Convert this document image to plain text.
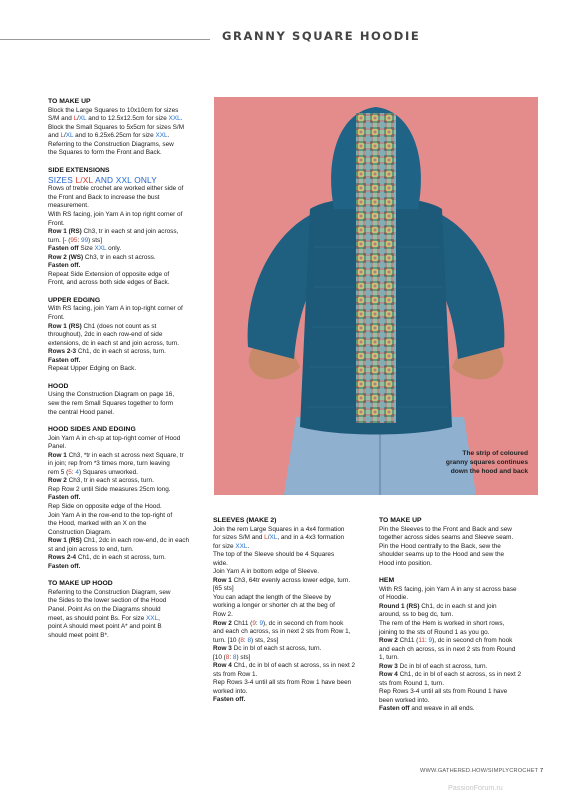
GRANNY SQUARE HOODIE

TO MAKE UP

Block the Large Squares to 10x10cm for sizes

S/M and L/XL and to 12.5x12.5cm for size XXL.

Block the Small Squares to 5x5cm for sizes S/M

and L/XL and to 6.25x6.25cm for size XXL.

Referring to the Construction Diagrams, sew

the Squares to form the Front and Back.

SIDE EXTENSIONS

SIZES L/XL AND XXL ONLY

Rows of treble crochet are worked either side of

the Front and Back to increase the bust

measurement.

With RS facing, join Yarn A in top right corner of

Front.

Row 1 (RS) Ch3, tr in each st and join across,

turn. [- (95: 99) sts]

Fasten off Size XXL only.

Row 2 (WS) Ch3, tr in each st across.

Fasten off.

Repeat Side Extension of opposite edge of

Front, and across both side edges of Back.

UPPER EDGING

With RS facing, join Yarn A in top-right corner of

Front.

Row 1 (RS) Ch1 (does not count as st

throughout), 2dc in each row-end of side

extensions, dc in each st and join across, turn.

Rows 2-3 Ch1, dc in each st across, turn.

Fasten off.

Repeat Upper Edging on Back.

HOOD

Using the Construction Diagram on page 16,

sew the rem Small Squares together to form

the central Hood panel.

HOOD SIDES AND EDGING

Join Yarn A in ch-sp at top-right corner of Hood

Panel.

Row 1 Ch3, *tr in each st across next Square, tr

in join; rep from *3 times more, turn leaving

rem 5 (5: 4) Squares unworked.

Row 2 Ch3, tr in each st across, turn.

Rep Row 2 until Side measures 25cm long.

Fasten off.

Rep Side on opposite edge of the Hood.

Join Yarn A in the row-end to the top-right of

the Hood, marked with an X on the

Construction Diagram.

Row 1 (RS) Ch1, 2dc in each row-end, dc in each

st and join across to end, turn.

Rows 2-4 Ch1, dc in each st across, turn.

Fasten off.

TO MAKE UP HOOD

Referring to the Construction Diagram, sew

the Sides to the lower section of the Hood

Panel. Point As on the Diagrams should

meet, as should point Bs. For size XXL,

point A should meet point A* and point B

should meet point B*.

The strip of coloured
granny squares continues
down the hood and back

SLEEVES (MAKE 2)

Join the rem Large Squares in a 4x4 formation

for sizes S/M and L/XL, and in a 4x3 formation

for size XXL.

The top of the Sleeve should be 4 Squares

wide.

Join Yarn A in bottom edge of Sleeve.

Row 1 Ch3, 64tr evenly across lower edge, turn.

[65 sts]

You can adapt the length of the Sleeve by

working a longer or shorter ch at the beg of

Row 2.

Row 2 Ch11 (9: 9), dc in second ch from hook

and each ch across, ss in next 2 sts from Row 1,

turn. [10 (8: 8) sts, 2ss]

Row 3 Dc in bl of each st across, turn.

[10 (8: 8) sts]

Row 4 Ch1, dc in bl of each st across, ss in next 2

sts from Row 1.

Rep Rows 3-4 until all sts from Row 1 have been

worked into.

Fasten off.

TO MAKE UP

Pin the Sleeves to the Front and Back and sew

together across sides seams and Sleeve seam.

Pin the Hood centrally to the Back, sew the

shoulder seams up to the Hood and sew the

Hood into position.

HEM

With RS facing, join Yarn A in any st across base

of Hoodie.

Round 1 (RS) Ch1, dc in each st and join

around, ss to beg dc, turn.

The rem of the Hem is worked in short rows,

joining to the sts of Round 1 as you go.

Row 2 Ch11 (11: 9), dc in second ch from hook

and each ch across, ss in next 2 sts from Round

1, turn.

Row 3 Dc in bl of each st across, turn.

Row 4 Ch1, dc in bl of each st across, ss in next 2

sts from Round 1, turn.

Rep Rows 3-4 until all sts from Round 1 have

been worked into.

Fasten off and weave in all ends.

WWW.GATHERED.HOW/SIMPLYCROCHET 7
PassionForum.ru
